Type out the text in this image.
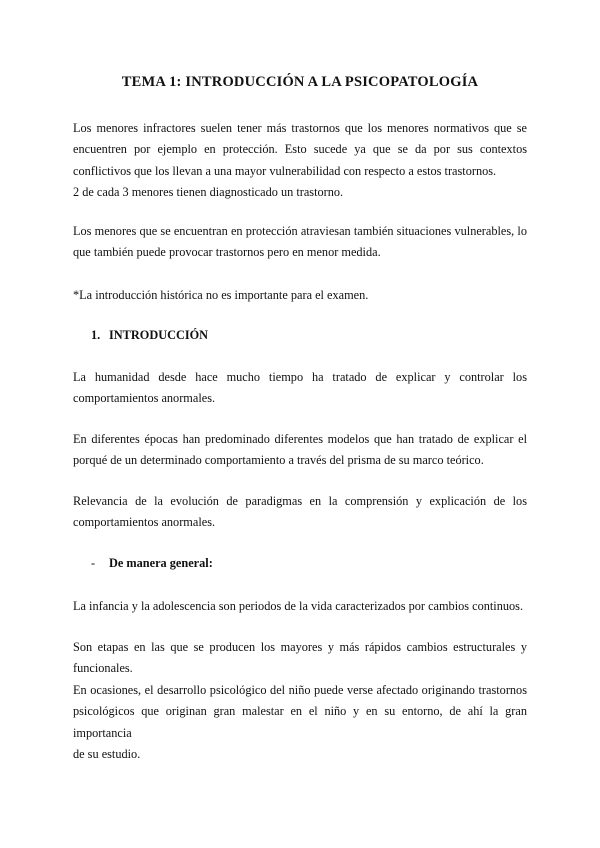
TEMA 1: INTRODUCCIÓN A LA PSICOPATOLOGÍA

Los menores infractores suelen tener más trastornos que los menores normativos que se
encuentren por ejemplo en protección. Esto sucede ya que se da por sus contextos
conflictivos que los llevan a una mayor vulnerabilidad con respecto a estos trastornos.
2 de cada 3 menores tienen diagnosticado un trastorno.

Los menores que se encuentran en protección atraviesan también situaciones vulnerables, lo
que también puede provocar trastornos pero en menor medida.

*La introducción histórica no es importante para el examen.

1. INTRODUCCIÓN

La humanidad desde hace mucho tiempo ha tratado de explicar y controlar los
comportamientos anormales.

En diferentes épocas han predominado diferentes modelos que han tratado de explicar el
porqué de un determinado comportamiento a través del prisma de su marco teórico.

Relevancia de la evolución de paradigmas en la comprensión y explicación de los
comportamientos anormales.

- De manera general:

La infancia y la adolescencia son periodos de la vida caracterizados por cambios continuos.

Son etapas en las que se producen los mayores y más rápidos cambios estructurales y
funcionales.
En ocasiones, el desarrollo psicológico del niño puede verse afectado originando trastornos
psicológicos que originan gran malestar en el niño y en su entorno, de ahí la gran importancia
de su estudio.
